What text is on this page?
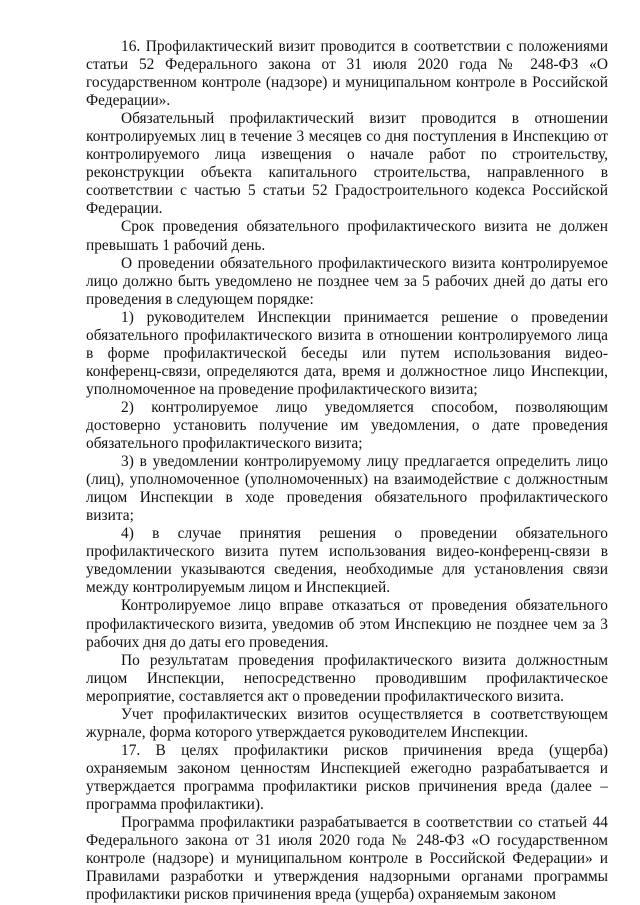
16. Профилактический визит проводится в соответствии с положениями статьи 52 Федерального закона от 31 июля 2020 года № 248-ФЗ «О государственном контроле (надзоре) и муниципальном контроле в Российской Федерации».

Обязательный профилактический визит проводится в отношении контролируемых лиц в течение 3 месяцев со дня поступления в Инспекцию от контролируемого лица извещения о начале работ по строительству, реконструкции объекта капитального строительства, направленного в соответствии с частью 5 статьи 52 Градостроительного кодекса Российской Федерации.

Срок проведения обязательного профилактического визита не должен превышать 1 рабочий день.

О проведении обязательного профилактического визита контролируемое лицо должно быть уведомлено не позднее чем за 5 рабочих дней до даты его проведения в следующем порядке:

1) руководителем Инспекции принимается решение о проведении обязательного профилактического визита в отношении контролируемого лица в форме профилактической беседы или путем использования видео-конференц-связи, определяются дата, время и должностное лицо Инспекции, уполномоченное на проведение профилактического визита;

2) контролируемое лицо уведомляется способом, позволяющим достоверно установить получение им уведомления, о дате проведения обязательного профилактического визита;

3) в уведомлении контролируемому лицу предлагается определить лицо (лиц), уполномоченное (уполномоченных) на взаимодействие с должностным лицом Инспекции в ходе проведения обязательного профилактического визита;

4) в случае принятия решения о проведении обязательного профилактического визита путем использования видео-конференц-связи в уведомлении указываются сведения, необходимые для установления связи между контролируемым лицом и Инспекцией.

Контролируемое лицо вправе отказаться от проведения обязательного профилактического визита, уведомив об этом Инспекцию не позднее чем за 3 рабочих дня до даты его проведения.

По результатам проведения профилактического визита должностным лицом Инспекции, непосредственно проводившим профилактическое мероприятие, составляется акт о проведении профилактического визита.

Учет профилактических визитов осуществляется в соответствующем журнале, форма которого утверждается руководителем Инспекции.

17. В целях профилактики рисков причинения вреда (ущерба) охраняемым законом ценностям Инспекцией ежегодно разрабатывается и утверждается программа профилактики рисков причинения вреда (далее – программа профилактики).

Программа профилактики разрабатывается в соответствии со статьей 44 Федерального закона от 31 июля 2020 года № 248-ФЗ «О государственном контроле (надзоре) и муниципальном контроле в Российской Федерации» и Правилами разработки и утверждения надзорными органами программы профилактики рисков причинения вреда (ущерба) охраняемым законом
